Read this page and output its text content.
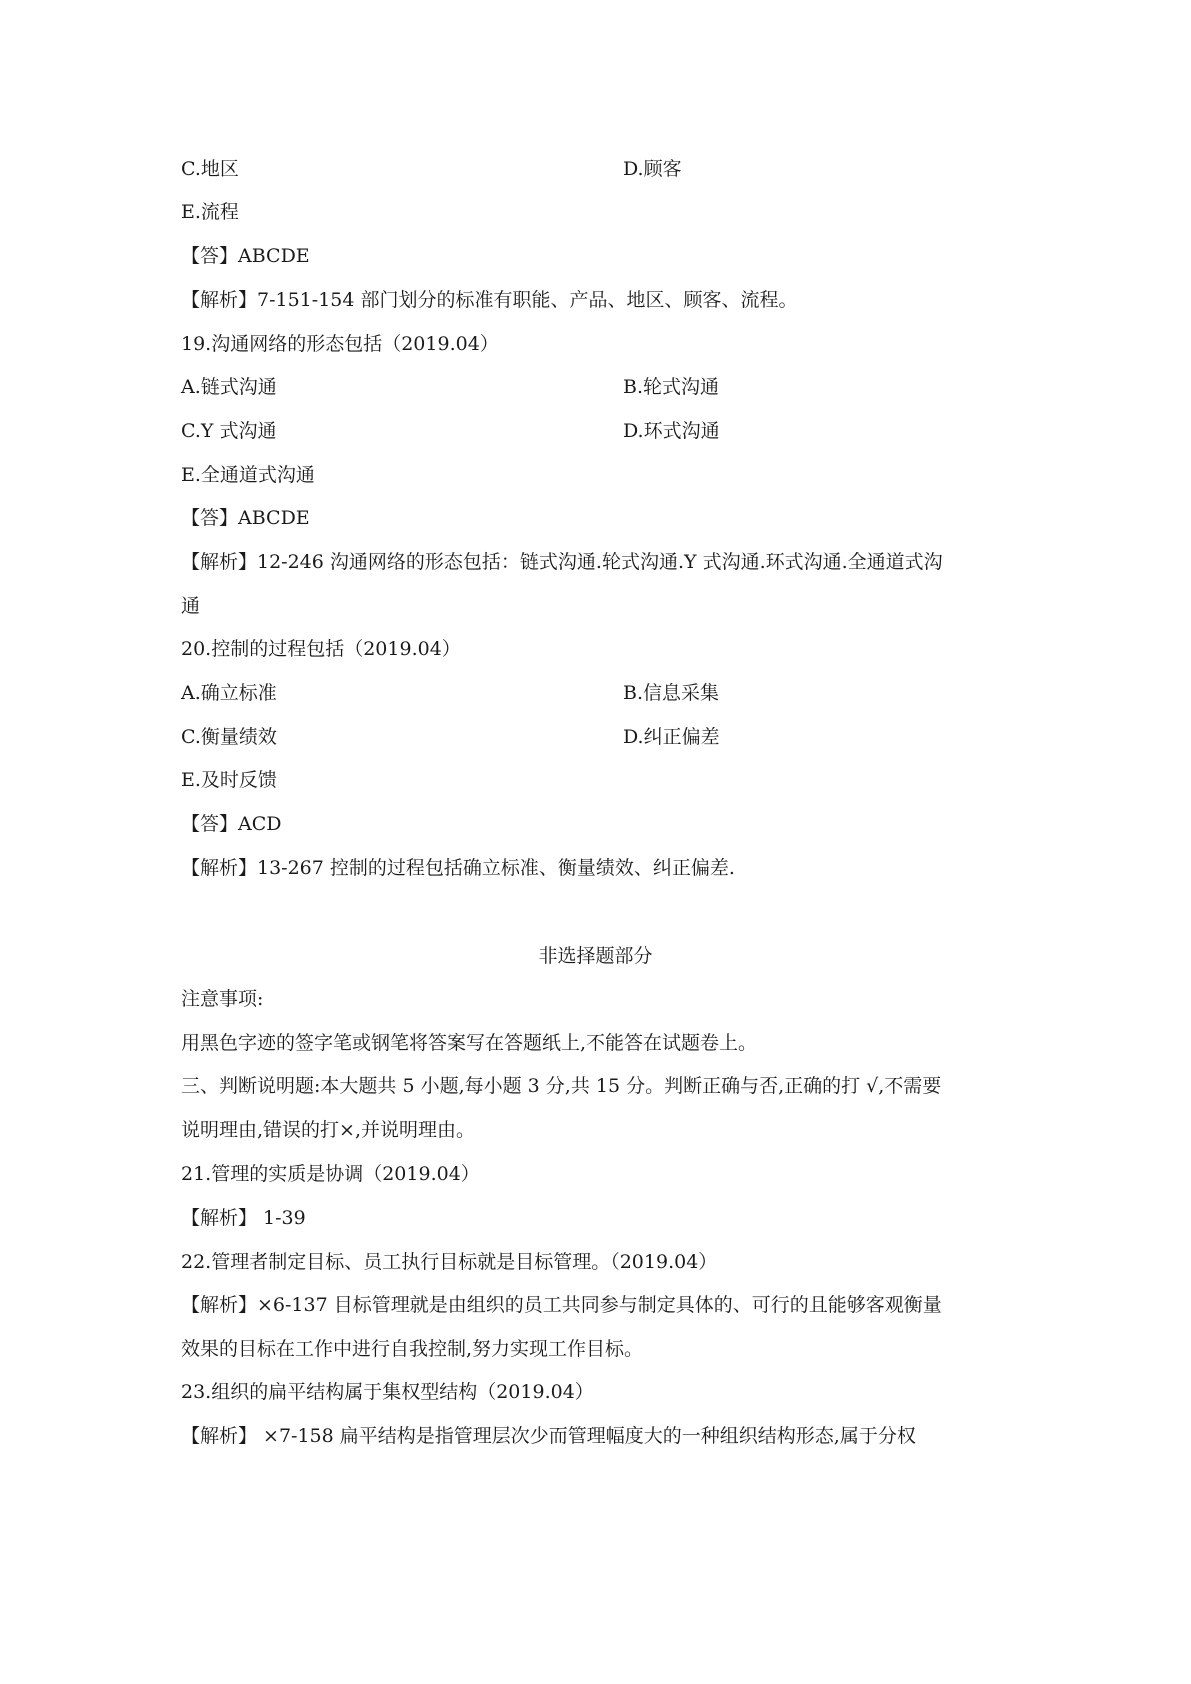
C.地区	D.顾客
E.流程
【答】ABCDE
【解析】7-151-154 部门划分的标准有职能、产品、地区、顾客、流程。
19.沟通网络的形态包括（2019.04）
A.链式沟通	B.轮式沟通
C.Y 式沟通	D.环式沟通
E.全通道式沟通
【答】ABCDE
【解析】12-246 沟通网络的形态包括：链式沟通.轮式沟通.Y 式沟通.环式沟通.全通道式沟
通
20.控制的过程包括（2019.04）
A.确立标准	B.信息采集
C.衡量绩效	D.纠正偏差
E.及时反馈
【答】ACD
【解析】13-267 控制的过程包括确立标准、衡量绩效、纠正偏差.
非选择题部分
注意事项:
用黑色字迹的签字笔或钢笔将答案写在答题纸上,不能答在试题卷上。
三、判断说明题:本大题共 5 小题,每小题 3 分,共 15 分。判断正确与否,正确的打 √,不需要
说明理由,错误的打×,并说明理由。
21.管理的实质是协调（2019.04）
【解析】 1-39
22.管理者制定目标、员工执行目标就是目标管理。（2019.04）
【解析】×6-137 目标管理就是由组织的员工共同参与制定具体的、可行的且能够客观衡量
效果的目标在工作中进行自我控制,努力实现工作目标。
23.组织的扁平结构属于集权型结构（2019.04）
【解析】 ×7-158 扁平结构是指管理层次少而管理幅度大的一种组织结构形态,属于分权
